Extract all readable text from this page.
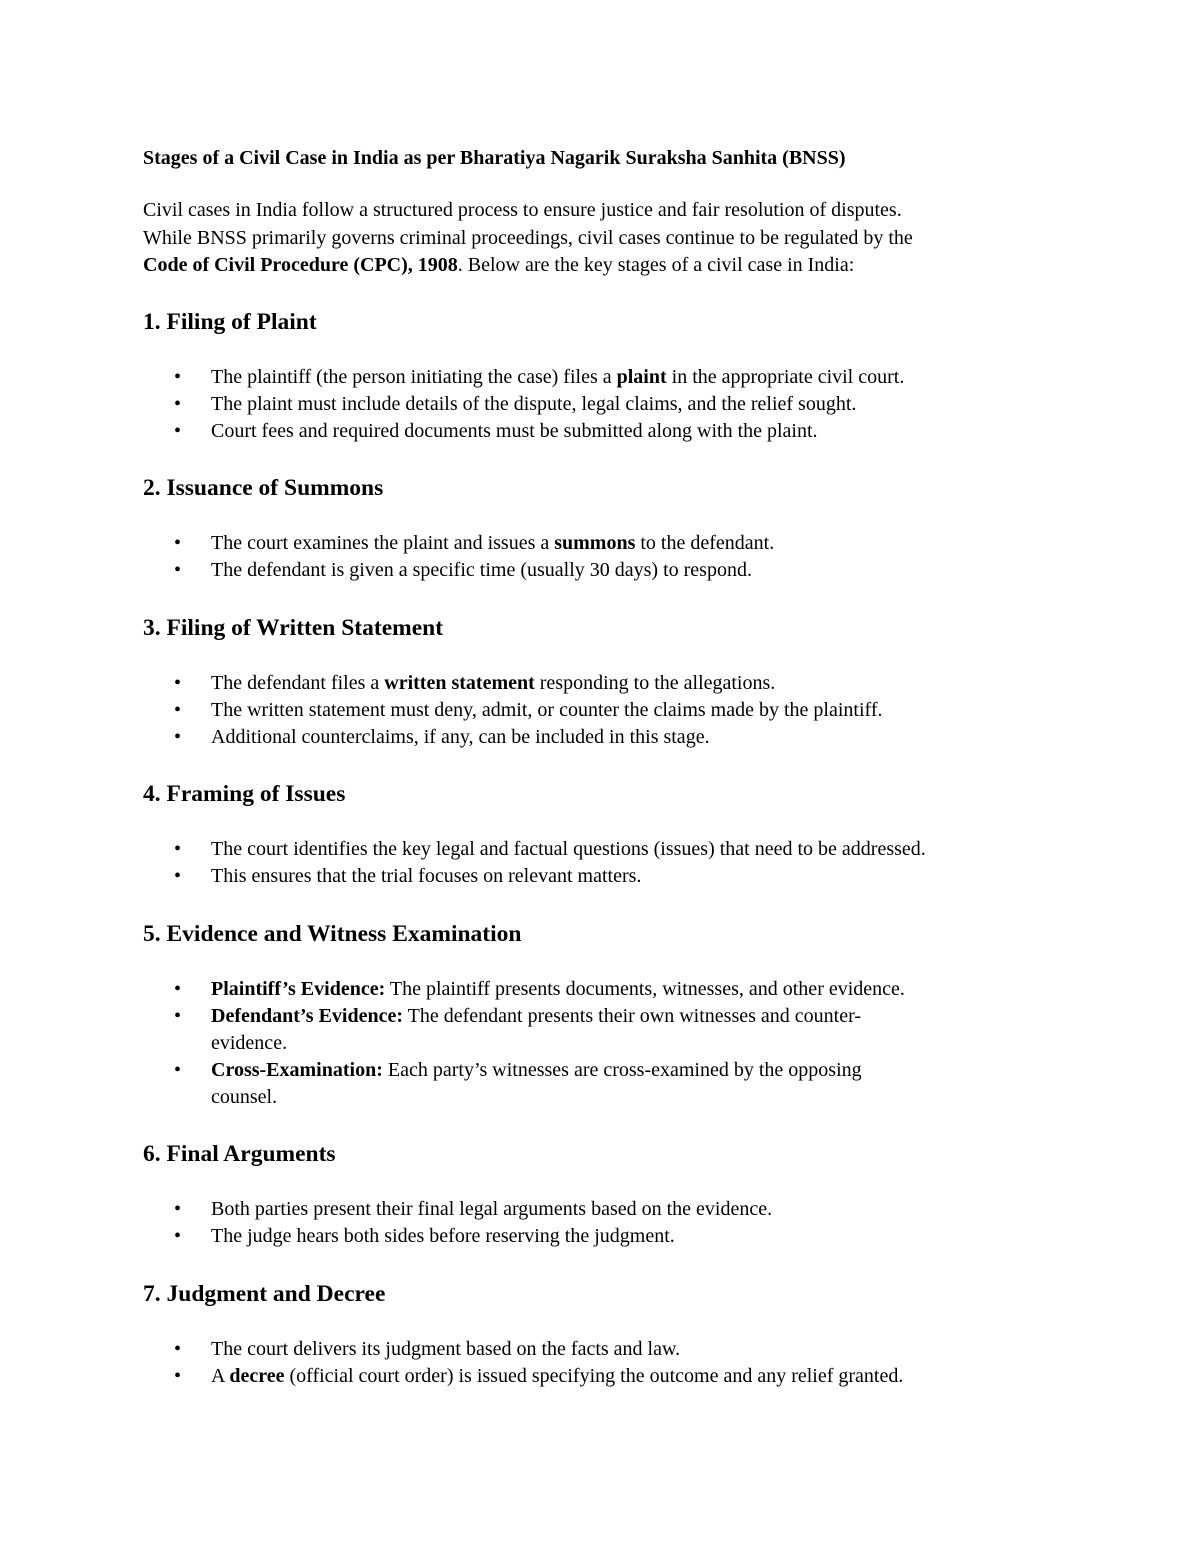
Stages of a Civil Case in India as per Bharatiya Nagarik Suraksha Sanhita (BNSS)

Civil cases in India follow a structured process to ensure justice and fair resolution of disputes.
While BNSS primarily governs criminal proceedings, civil cases continue to be regulated by the
Code of Civil Procedure (CPC), 1908. Below are the key stages of a civil case in India:

1. Filing of Plaint
• The plaintiff (the person initiating the case) files a plaint in the appropriate civil court.
• The plaint must include details of the dispute, legal claims, and the relief sought.
• Court fees and required documents must be submitted along with the plaint.
2. Issuance of Summons
• The court examines the plaint and issues a summons to the defendant.
• The defendant is given a specific time (usually 30 days) to respond.
3. Filing of Written Statement
• The defendant files a written statement responding to the allegations.
• The written statement must deny, admit, or counter the claims made by the plaintiff.
• Additional counterclaims, if any, can be included in this stage.
4. Framing of Issues
• The court identifies the key legal and factual questions (issues) that need to be addressed.
• This ensures that the trial focuses on relevant matters.
5. Evidence and Witness Examination
• Plaintiff’s Evidence: The plaintiff presents documents, witnesses, and other evidence.
• Defendant’s Evidence: The defendant presents their own witnesses and counter-
evidence.
• Cross-Examination: Each party’s witnesses are cross-examined by the opposing
counsel.
6. Final Arguments
• Both parties present their final legal arguments based on the evidence.
• The judge hears both sides before reserving the judgment.
7. Judgment and Decree
• The court delivers its judgment based on the facts and law.
• A decree (official court order) is issued specifying the outcome and any relief granted.
